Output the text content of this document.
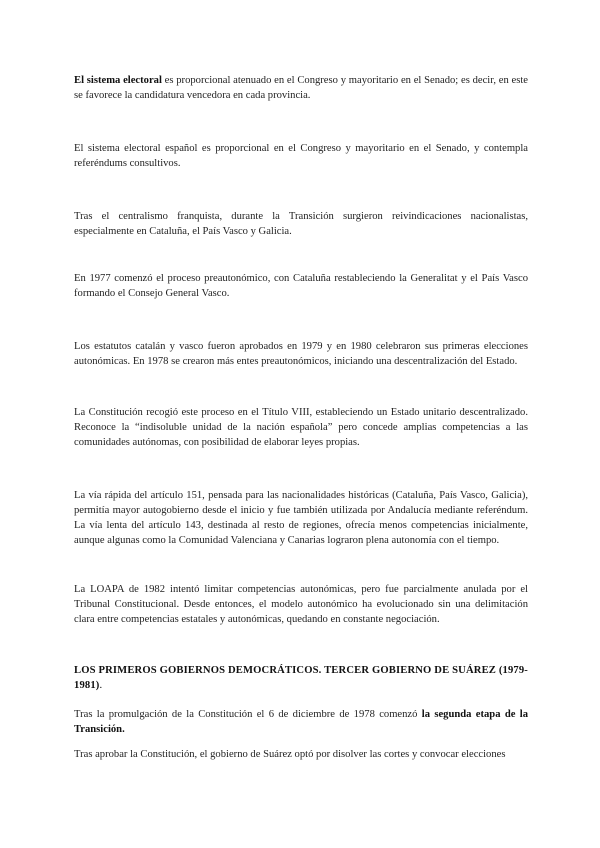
El sistema electoral es proporcional atenuado en el Congreso y mayoritario en el Senado; es decir, en este se favorece la candidatura vencedora en cada provincia.

El sistema electoral español es proporcional en el Congreso y mayoritario en el Senado, y contempla referéndums consultivos.

Tras el centralismo franquista, durante la Transición surgieron reivindicaciones nacionalistas, especialmente en Cataluña, el País Vasco y Galicia.

En 1977 comenzó el proceso preautonómico, con Cataluña restableciendo la Generalitat y el País Vasco formando el Consejo General Vasco.

Los estatutos catalán y vasco fueron aprobados en 1979 y en 1980 celebraron sus primeras elecciones autonómicas. En 1978 se crearon más entes preautonómicos, iniciando una descentralización del Estado.

La Constitución recogió este proceso en el Título VIII, estableciendo un Estado unitario descentralizado. Reconoce la “indisoluble unidad de la nación española” pero concede amplias competencias a las comunidades autónomas, con posibilidad de elaborar leyes propias.

La vía rápida del artículo 151, pensada para las nacionalidades históricas (Cataluña, País Vasco, Galicia), permitía mayor autogobierno desde el inicio y fue también utilizada por Andalucía mediante referéndum. La vía lenta del artículo 143, destinada al resto de regiones, ofrecía menos competencias inicialmente, aunque algunas como la Comunidad Valenciana y Canarias lograron plena autonomía con el tiempo.

La LOAPA de 1982 intentó limitar competencias autonómicas, pero fue parcialmente anulada por el Tribunal Constitucional. Desde entonces, el modelo autonómico ha evolucionado sin una delimitación clara entre competencias estatales y autonómicas, quedando en constante negociación.

LOS PRIMEROS GOBIERNOS DEMOCRÁTICOS. TERCER GOBIERNO DE SUÁREZ (1979-1981).

Tras la promulgación de la Constitución el 6 de diciembre de 1978 comenzó la segunda etapa de la Transición.

Tras aprobar la Constitución, el gobierno de Suárez optó por disolver las cortes y convocar elecciones
